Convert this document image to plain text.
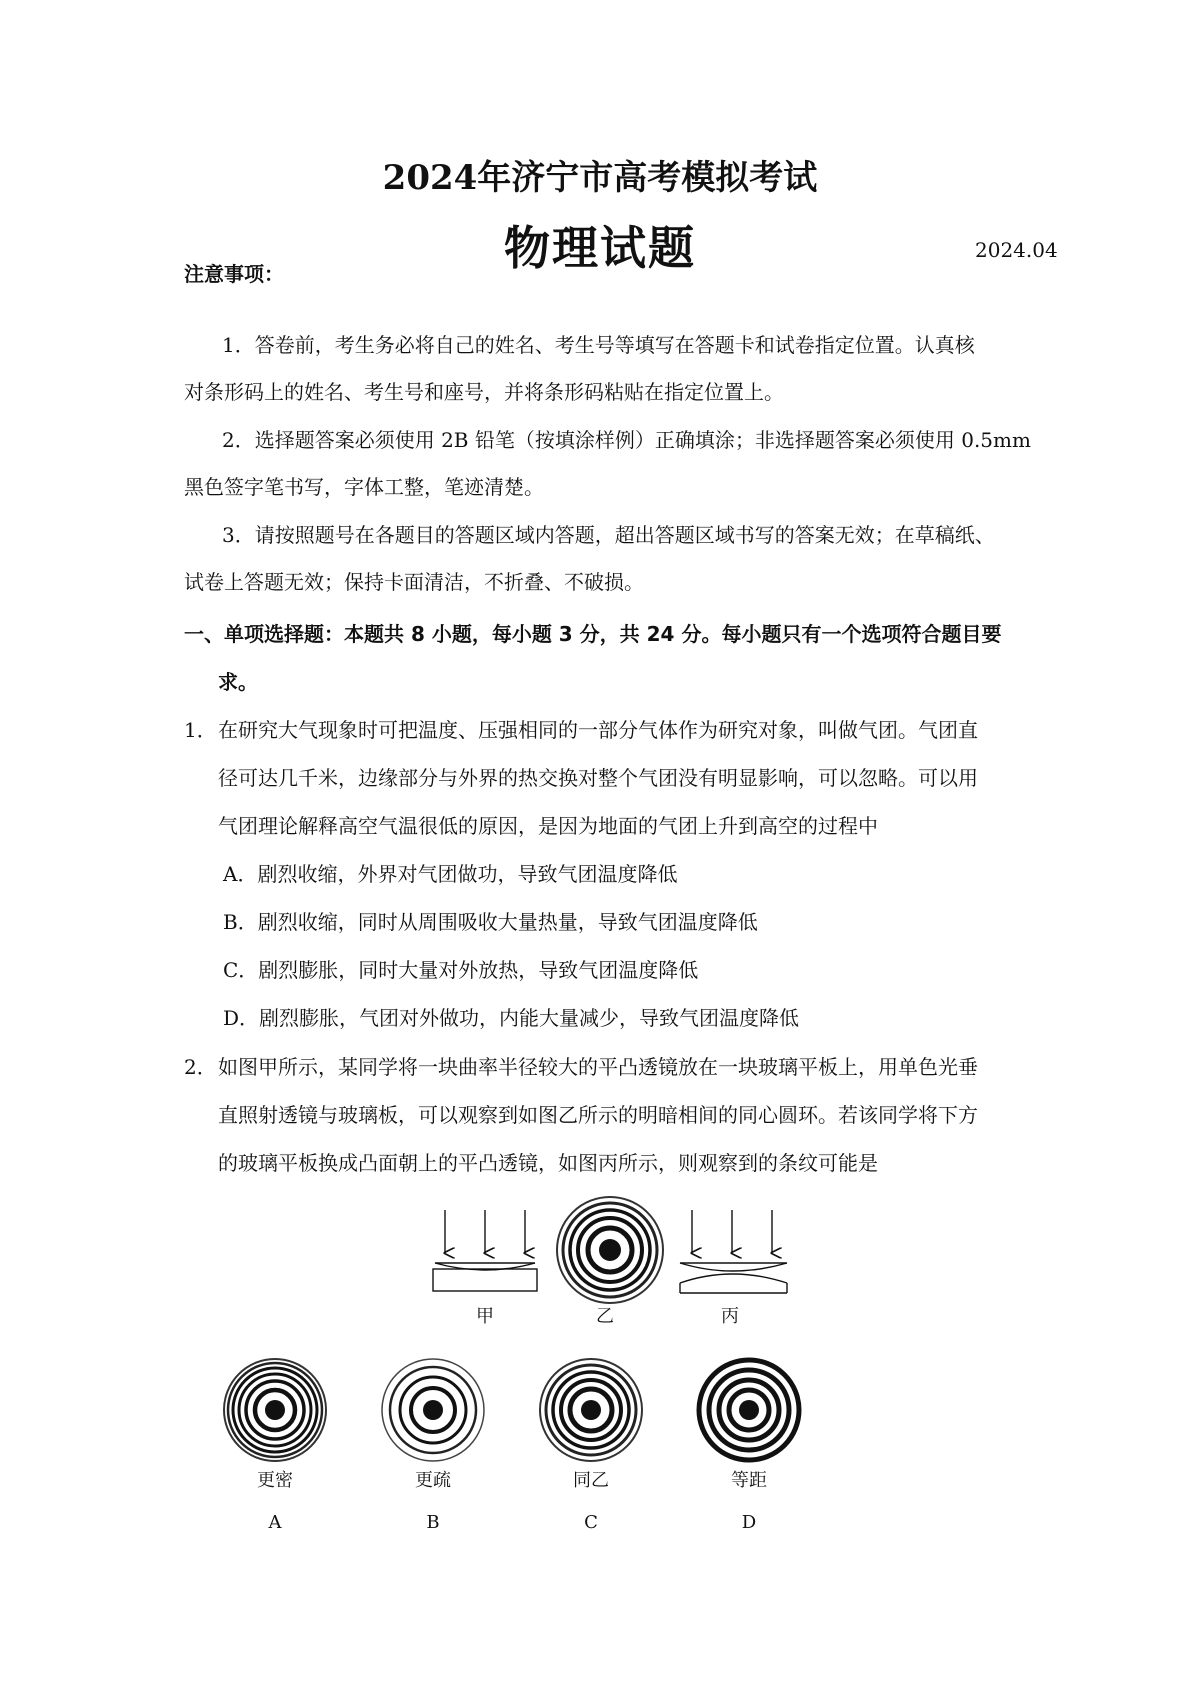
2024年济宁市高考模拟考试
物理试题	2024.04
注意事项：
1．答卷前，考生务必将自己的姓名、考生号等填写在答题卡和试卷指定位置。认真核
对条形码上的姓名、考生号和座号，并将条形码粘贴在指定位置上。
2．选择题答案必须使用 2B 铅笔（按填涂样例）正确填涂；非选择题答案必须使用 0.5mm
黑色签字笔书写，字体工整，笔迹清楚。
3．请按照题号在各题目的答题区域内答题，超出答题区域书写的答案无效；在草稿纸、
试卷上答题无效；保持卡面清洁，不折叠、不破损。
一、单项选择题：本题共 8 小题，每小题 3 分，共 24 分。每小题只有一个选项符合题目要
求。
1． 在研究大气现象时可把温度、压强相同的一部分气体作为研究对象，叫做气团。气团直
径可达几千米，边缘部分与外界的热交换对整个气团没有明显影响，可以忽略。可以用
气团理论解释高空气温很低的原因，是因为地面的气团上升到高空的过程中
A．剧烈收缩，外界对气团做功，导致气团温度降低
B．剧烈收缩，同时从周围吸收大量热量，导致气团温度降低
C．剧烈膨胀，同时大量对外放热，导致气团温度降低
D．剧烈膨胀，气团对外做功，内能大量减少，导致气团温度降低
2． 如图甲所示，某同学将一块曲率半径较大的平凸透镜放在一块玻璃平板上，用单色光垂
直照射透镜与玻璃板，可以观察到如图乙所示的明暗相间的同心圆环。若该同学将下方
的玻璃平板换成凸面朝上的平凸透镜，如图丙所示，则观察到的条纹可能是
甲	乙	丙
更密
A
更疏
B
同乙
C
等距
D
